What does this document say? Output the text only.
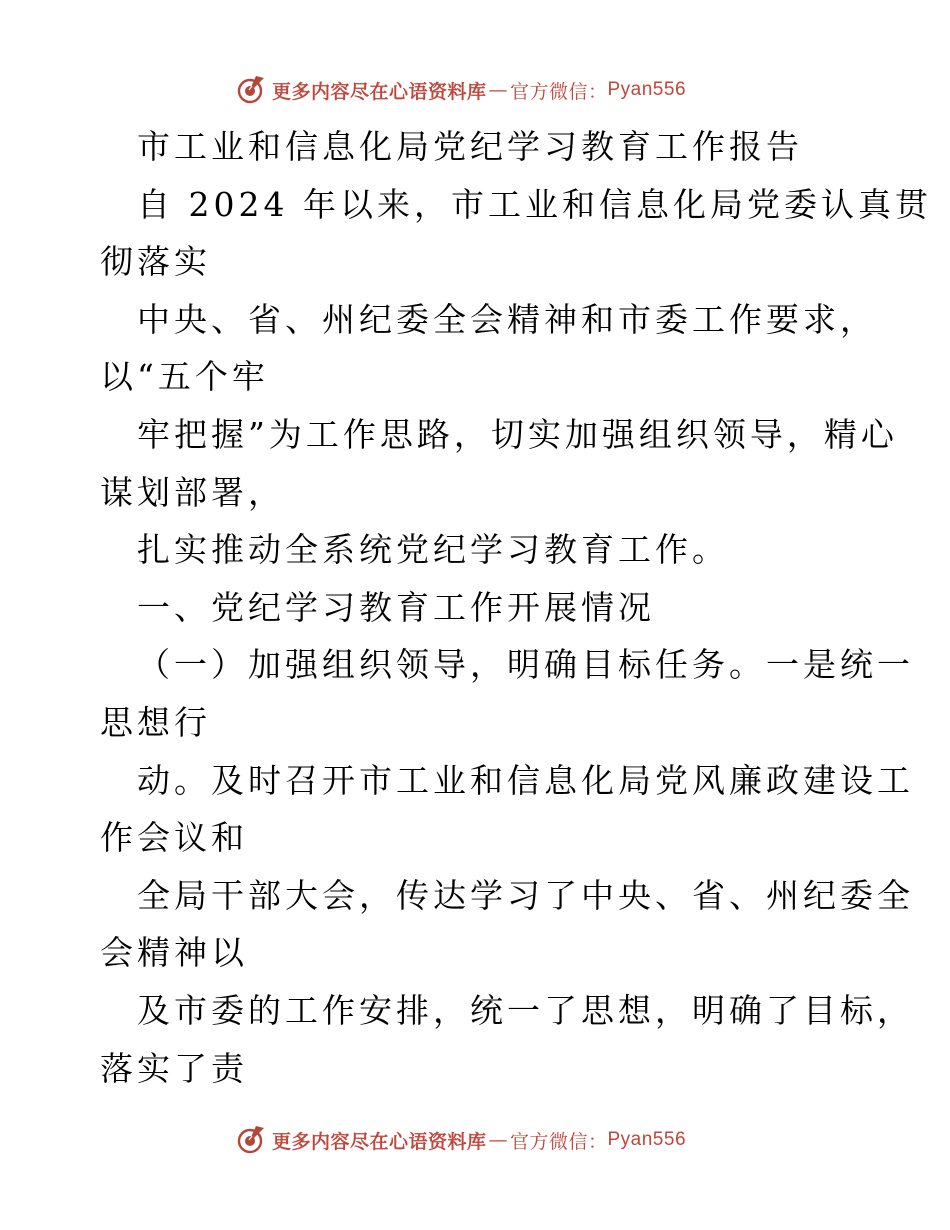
更多内容尽在心语资料库 — 官方微信： Pyan556
市工业和信息化局党纪学习教育工作报告
自 2024 年以来，市工业和信息化局党委认真贯
彻落实
中央、省、州纪委全会精神和市委工作要求，
以“五个牢
牢把握”为工作思路，切实加强组织领导，精心
谋划部署，
扎实推动全系统党纪学习教育工作。
一、党纪学习教育工作开展情况
（一）加强组织领导，明确目标任务。一是统一
思想行
动。及时召开市工业和信息化局党风廉政建设工
作会议和
全局干部大会，传达学习了中央、省、州纪委全
会精神以
及市委的工作安排，统一了思想，明确了目标，
落实了责
更多内容尽在心语资料库 — 官方微信： Pyan556
